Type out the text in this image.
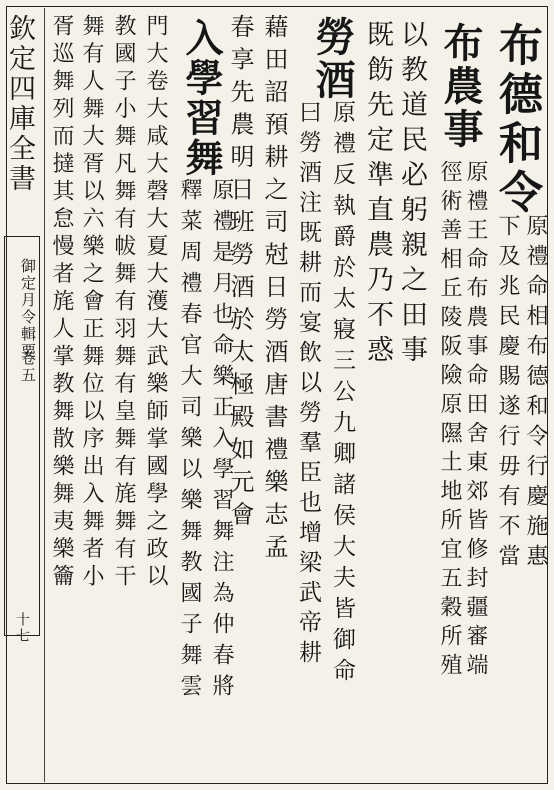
欽定四庫全書
御定月令輯要
卷五
十七
布德和令
原禮命相布德和令行慶施惠
下及兆民慶賜遂行毋有不當
布農事
原禮王命布農事命田舍東郊皆修封疆審端
徑術善相丘陵阪險原隰土地所宜五穀所殖
以教道民必躬親之田事
既飭先定準直農乃不惑
勞酒
原禮反執爵於太寢三公九卿諸侯大夫皆御命
曰勞酒注既耕而宴飲以勞羣臣也增梁武帝耕
藉田詔預耕之司尅日勞酒唐書禮樂志孟
春享先農明日班勞酒於太極殿如元會
入學習舞
原禮是月也命樂正入學習舞注為仲春將
釋菜周禮春官大司樂以樂舞教國子舞雲
門大卷大咸大磬大夏大濩大武樂師掌國學之政以
教國子小舞凡舞有帗舞有羽舞有皇舞有旄舞有干
舞有人舞大胥以六樂之會正舞位以序出入舞者小
胥巡舞列而撻其怠慢者旄人掌教舞散樂舞夷樂籥
